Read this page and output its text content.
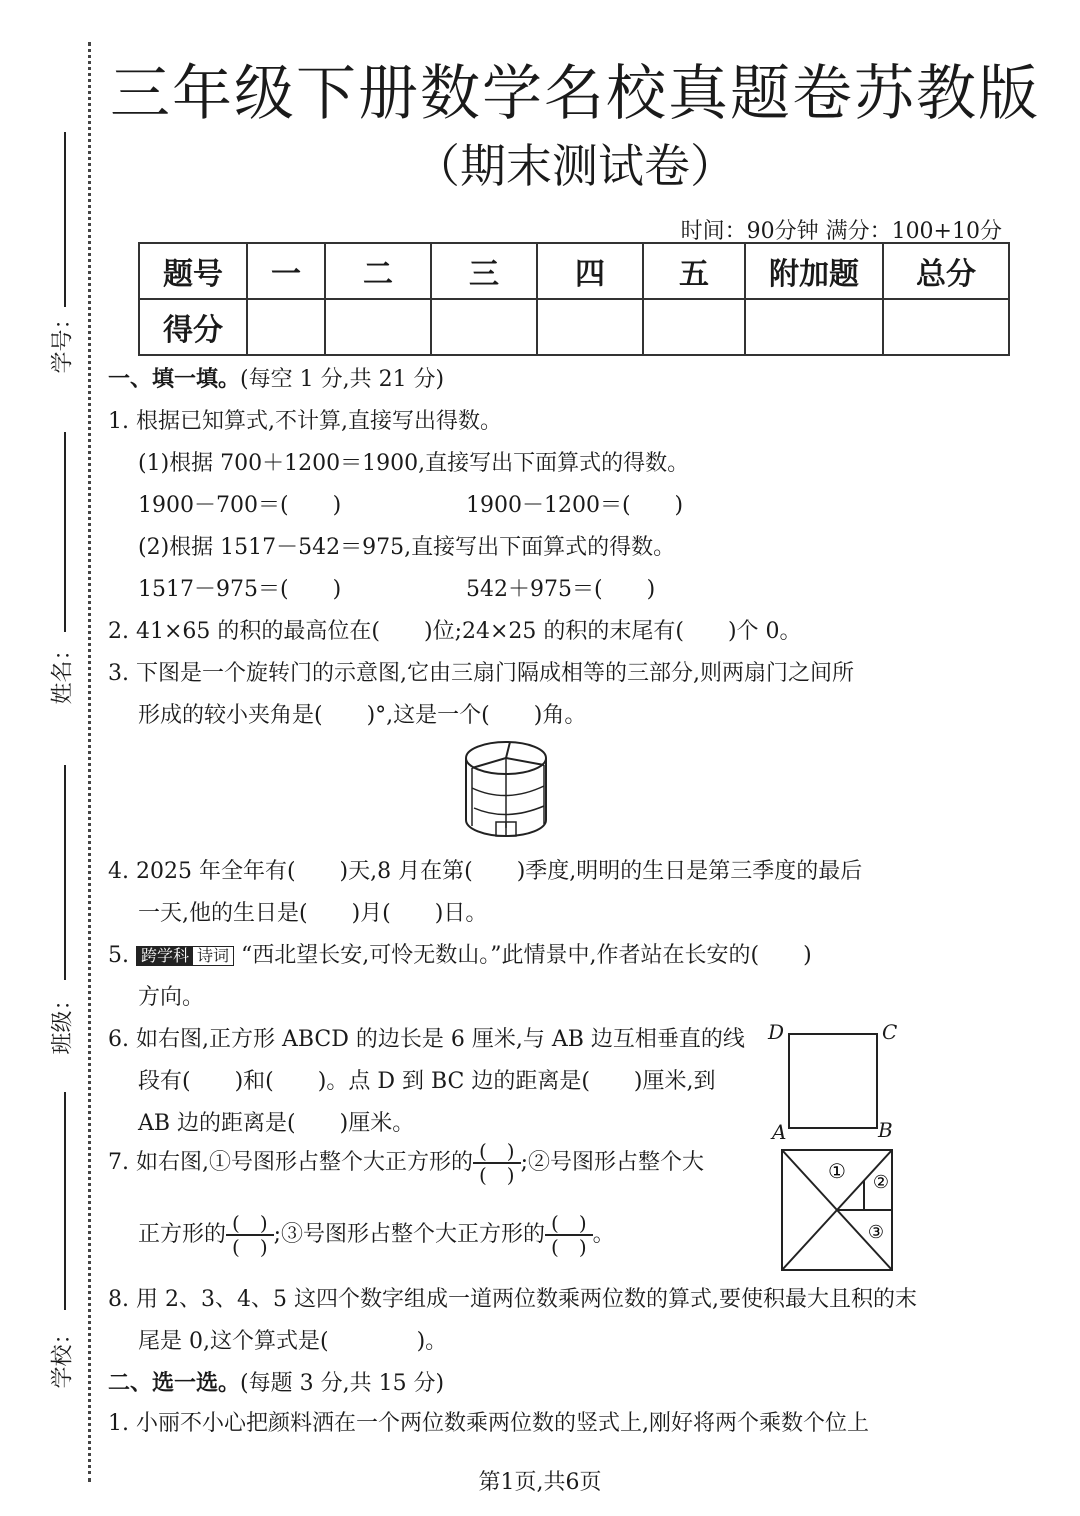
学号：
姓名：
班级：
学校：
三年级下册数学名校真题卷苏教版
（期末测试卷）
时间：90分钟 满分：100+10分
题号	一	二	三	四	五	附加题	总分
得分							
一、填一填。(每空 1 分,共 21 分)
1. 根据已知算式,不计算,直接写出得数。
(1)根据 700＋1200＝1900,直接写出下面算式的得数。
1900－700＝(　　)	1900－1200＝(　　)
(2)根据 1517－542＝975,直接写出下面算式的得数。
1517－975＝(　　)	542＋975＝(　　)
2. 41×65 的积的最高位在(　　)位;24×25 的积的末尾有(　　)个 0。
3. 下图是一个旋转门的示意图,它由三扇门隔成相等的三部分,则两扇门之间所
形成的较小夹角是(　　)°,这是一个(　　)角。
4. 2025 年全年有(　　)天,8 月在第(　　)季度,明明的生日是第三季度的最后
一天,他的生日是(　　)月(　　)日。
5. 跨学科 诗词 “西北望长安,可怜无数山。”此情景中,作者站在长安的(　　)
方向。
6. 如右图,正方形 ABCD 的边长是 6 厘米,与 AB 边互相垂直的线
段有(　　)和(　　)。点 D 到 BC 边的距离是(　　)厘米,到
AB 边的距离是(　　)厘米。
D	C
A	B
7. 如右图,①号图形占整个大正方形的 $\frac{( )}{( )}$ ;②号图形占整个大
正方形的 $\frac{( )}{( )}$ ;③号图形占整个大正方形的 $\frac{( )}{( )}$ 。
① ②
③
8. 用 2、3、4、5 这四个数字组成一道两位数乘两位数的算式,要使积最大且积的末
尾是 0,这个算式是(　　　　)。
二、选一选。(每题 3 分,共 15 分)
1. 小丽不小心把颜料洒在一个两位数乘两位数的竖式上,刚好将两个乘数个位上
第1页,共6页
